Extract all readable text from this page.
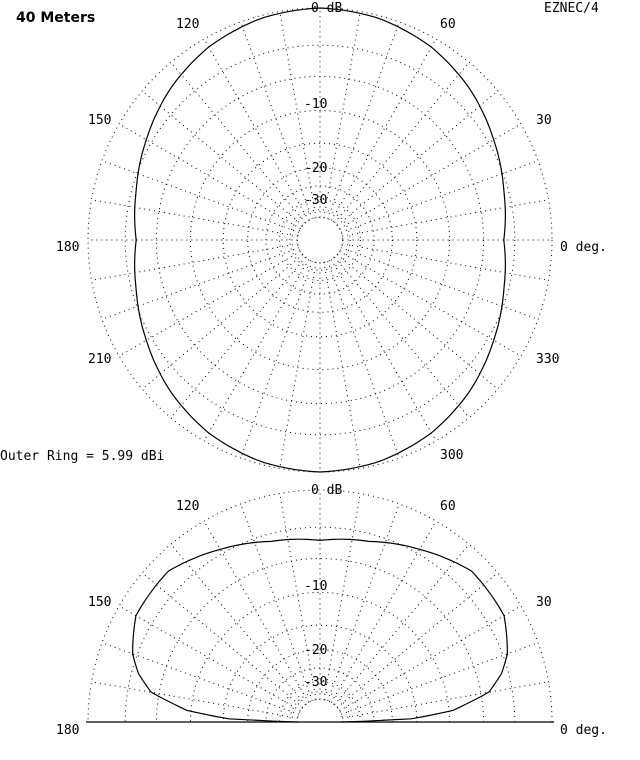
40 Meters
EZNEC/4
0 deg.
30
60
120
150
180
210
300
330
0 dB
-10
-20
-30
Outer Ring = 5.99 dBi
0 deg.
30
60
120
150
180
0 dB
-10
-20
-30
